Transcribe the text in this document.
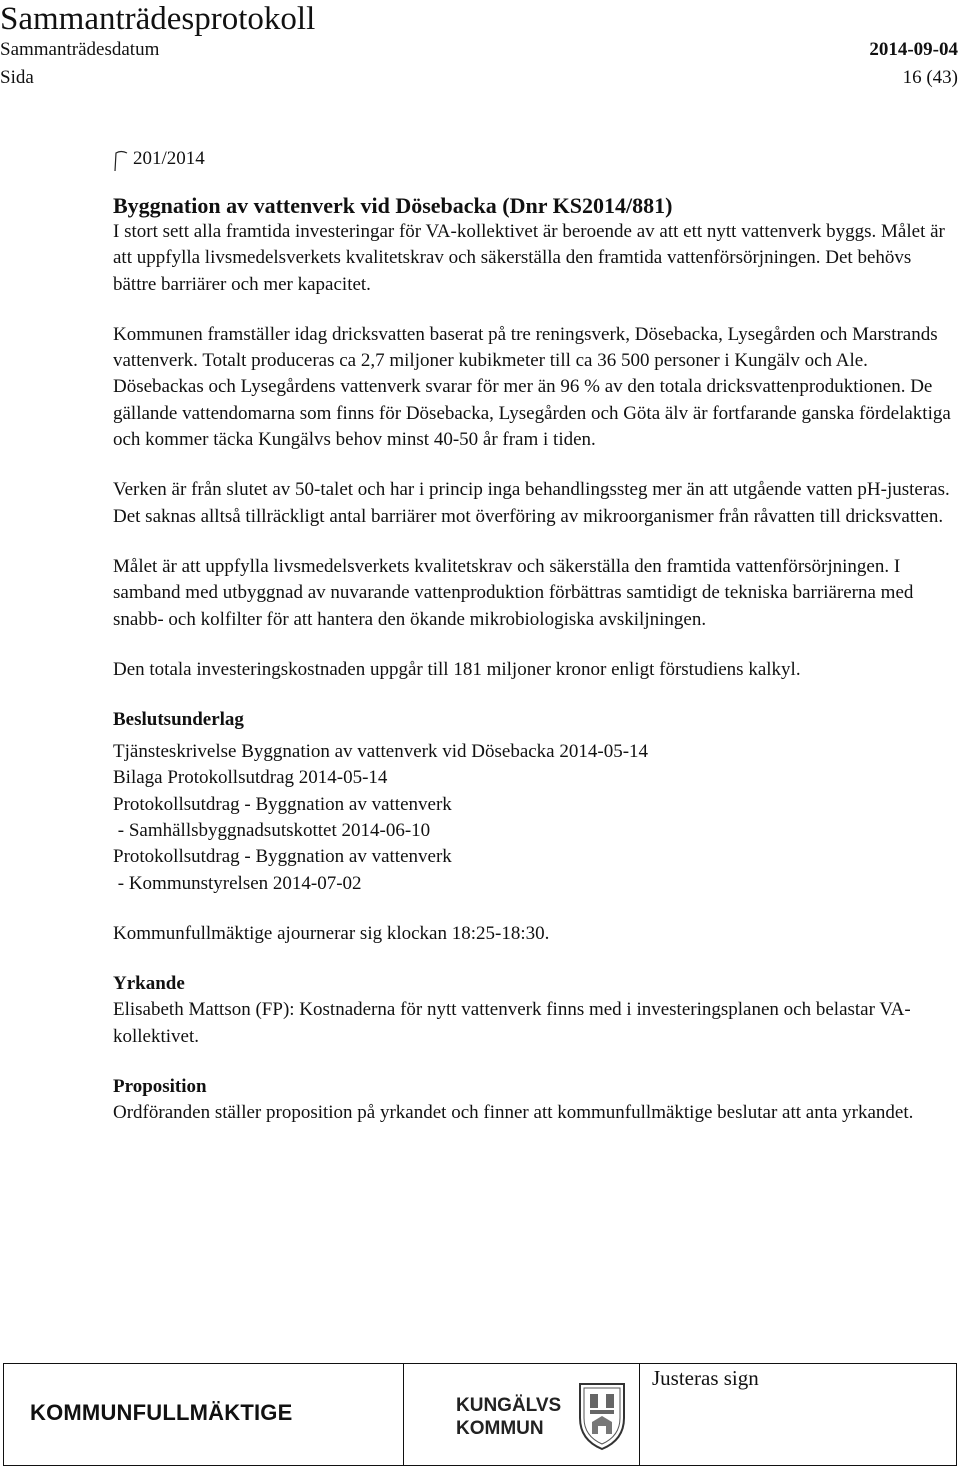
Sammanträdesprotokoll
Sammanträdesdatum	2014-09-04
Sida	16 (43)
201/2014
Byggnation av vattenverk vid Dösebacka (Dnr KS2014/881)

I stort sett alla framtida investeringar för VA-kollektivet är beroende av att ett nytt vattenverk byggs. Målet är att uppfylla livsmedelsverkets kvalitetskrav och säkerställa den framtida vattenförsörjningen. Det behövs bättre barriärer och mer kapacitet.

Kommunen framställer idag dricksvatten baserat på tre reningsverk, Dösebacka, Lysegården och Marstrands vattenverk. Totalt produceras ca 2,7 miljoner kubikmeter till ca 36 500 personer i Kungälv och Ale. Dösebackas och Lysegårdens vattenverk svarar för mer än 96 % av den totala dricksvattenproduktionen. De gällande vattendomarna som finns för Dösebacka, Lysegården och Göta älv är fortfarande ganska fördelaktiga och kommer täcka Kungälvs behov minst 40-50 år fram i tiden.

Verken är från slutet av 50-talet och har i princip inga behandlingssteg mer än att utgående vatten pH-justeras. Det saknas alltså tillräckligt antal barriärer mot överföring av mikroorganismer från råvatten till dricksvatten.

Målet är att uppfylla livsmedelsverkets kvalitetskrav och säkerställa den framtida vattenförsörjningen. I samband med utbyggnad av nuvarande vattenproduktion förbättras samtidigt de tekniska barriärerna med snabb- och kolfilter för att hantera den ökande mikrobiologiska avskiljningen.

Den totala investeringskostnaden uppgår till 181 miljoner kronor enligt förstudiens kalkyl.

Beslutsunderlag

Tjänsteskrivelse Byggnation av vattenverk vid Dösebacka 2014-05-14
Bilaga Protokollsutdrag 2014-05-14
Protokollsutdrag - Byggnation av vattenverk
- Samhällsbyggnadsutskottet 2014-06-10
Protokollsutdrag - Byggnation av vattenverk
- Kommunstyrelsen 2014-07-02

Kommunfullmäktige ajournerar sig klockan 18:25-18:30.

Yrkande

Elisabeth Mattson (FP): Kostnaderna för nytt vattenverk finns med i investeringsplanen och belastar VA-kollektivet.

Proposition

Ordföranden ställer proposition på yrkandet och finner att kommunfullmäktige beslutar att anta yrkandet.

KOMMUNFULLMÄKTIGE	KUNGÄLVS
KOMMUN
Justeras sign
